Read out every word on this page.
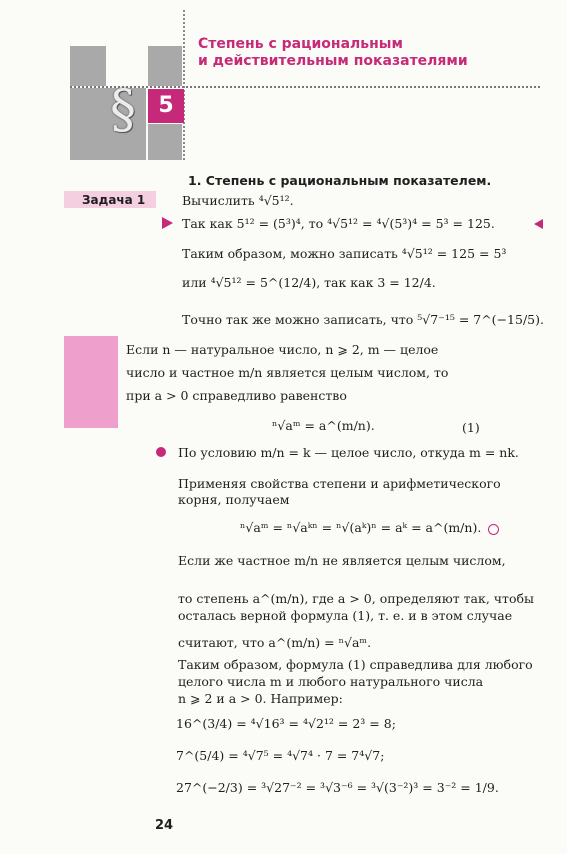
§	5
Степень с рациональным
и действительным показателями
1. Степень с рациональным показателем.
Задача 1	Вычислить ⁴√5¹².
Так как 5¹² = (5³)⁴, то ⁴√5¹² = ⁴√(5³)⁴ = 5³ = 125.
Таким образом, можно записать ⁴√5¹² = 125 = 5³
или ⁴√5¹² = 5^(12/4), так как 3 = 12/4.
Точно так же можно записать, что ⁵√7⁻¹⁵ = 7^(−15/5).
Если n — натуральное число, n ⩾ 2, m — целое
число и частное m/n является целым числом, то
при a > 0 справедливо равенство
ⁿ√aᵐ = a^(m/n).	(1)
По условию m/n = k — целое число, откуда m = nk.
Применяя свойства степени и арифметического
корня, получаем
ⁿ√aᵐ = ⁿ√aᵏⁿ = ⁿ√(aᵏ)ⁿ = aᵏ = a^(m/n).
Если же частное m/n не является целым числом,
то степень a^(m/n), где a > 0, определяют так, чтобы
осталась верной формула (1), т. е. и в этом случае
считают, что a^(m/n) = ⁿ√aᵐ.
Таким образом, формула (1) справедлива для любого
целого числа m и любого натурального числа
n ⩾ 2 и a > 0. Например:
16^(3/4) = ⁴√16³ = ⁴√2¹² = 2³ = 8;
7^(5/4) = ⁴√7⁵ = ⁴√7⁴ · 7 = 7⁴√7;
27^(−2/3) = ³√27⁻² = ³√3⁻⁶ = ³√(3⁻²)³ = 3⁻² = 1/9.
24
